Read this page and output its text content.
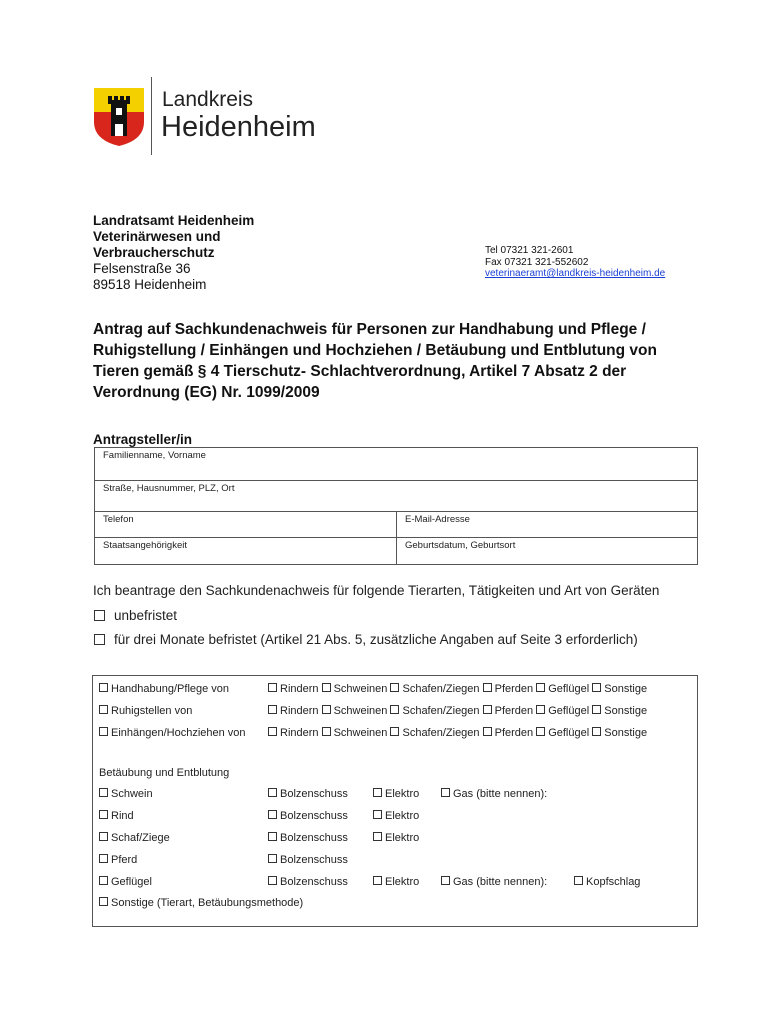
Landkreis
Heidenheim
Landratsamt Heidenheim
Veterinärwesen und
Verbraucherschutz
Felsenstraße 36
89518 Heidenheim
Tel 07321 321-2601
Fax 07321 321-552602
veterinaeramt@landkreis-heidenheim.de
Antrag auf Sachkundenachweis für Personen zur Handhabung und Pflege / Ruhigstellung / Einhängen und Hochziehen / Betäubung und Entblutung von Tieren gemäß § 4 Tierschutz- Schlachtverordnung, Artikel 7 Absatz 2 der Verordnung (EG) Nr. 1099/2009
Antragsteller/in
Familienname, Vorname
Straße, Hausnummer, PLZ, Ort
Telefon	E-Mail-Adresse
Staatsangehörigkeit	Geburtsdatum, Geburtsort
Ich beantrage den Sachkundenachweis für folgende Tierarten, Tätigkeiten und Art von Geräten
unbefristet
für drei Monate befristet (Artikel 21 Abs. 5, zusätzliche Angaben auf Seite 3 erforderlich)
Handhabung/Pflege von	Rindern Schweinen Schafen/Ziegen Pferden Geflügel Sonstige
Ruhigstellen von	Rindern Schweinen Schafen/Ziegen Pferden Geflügel Sonstige
Einhängen/Hochziehen von	Rindern Schweinen Schafen/Ziegen Pferden Geflügel Sonstige
Betäubung und Entblutung
Schwein	Bolzenschuss	Elektro	Gas (bitte nennen):
Rind	Bolzenschuss	Elektro
Schaf/Ziege	Bolzenschuss	Elektro
Pferd	Bolzenschuss
Geflügel	Bolzenschuss	Elektro	Gas (bitte nennen):	Kopfschlag
Sonstige (Tierart, Betäubungsmethode)
